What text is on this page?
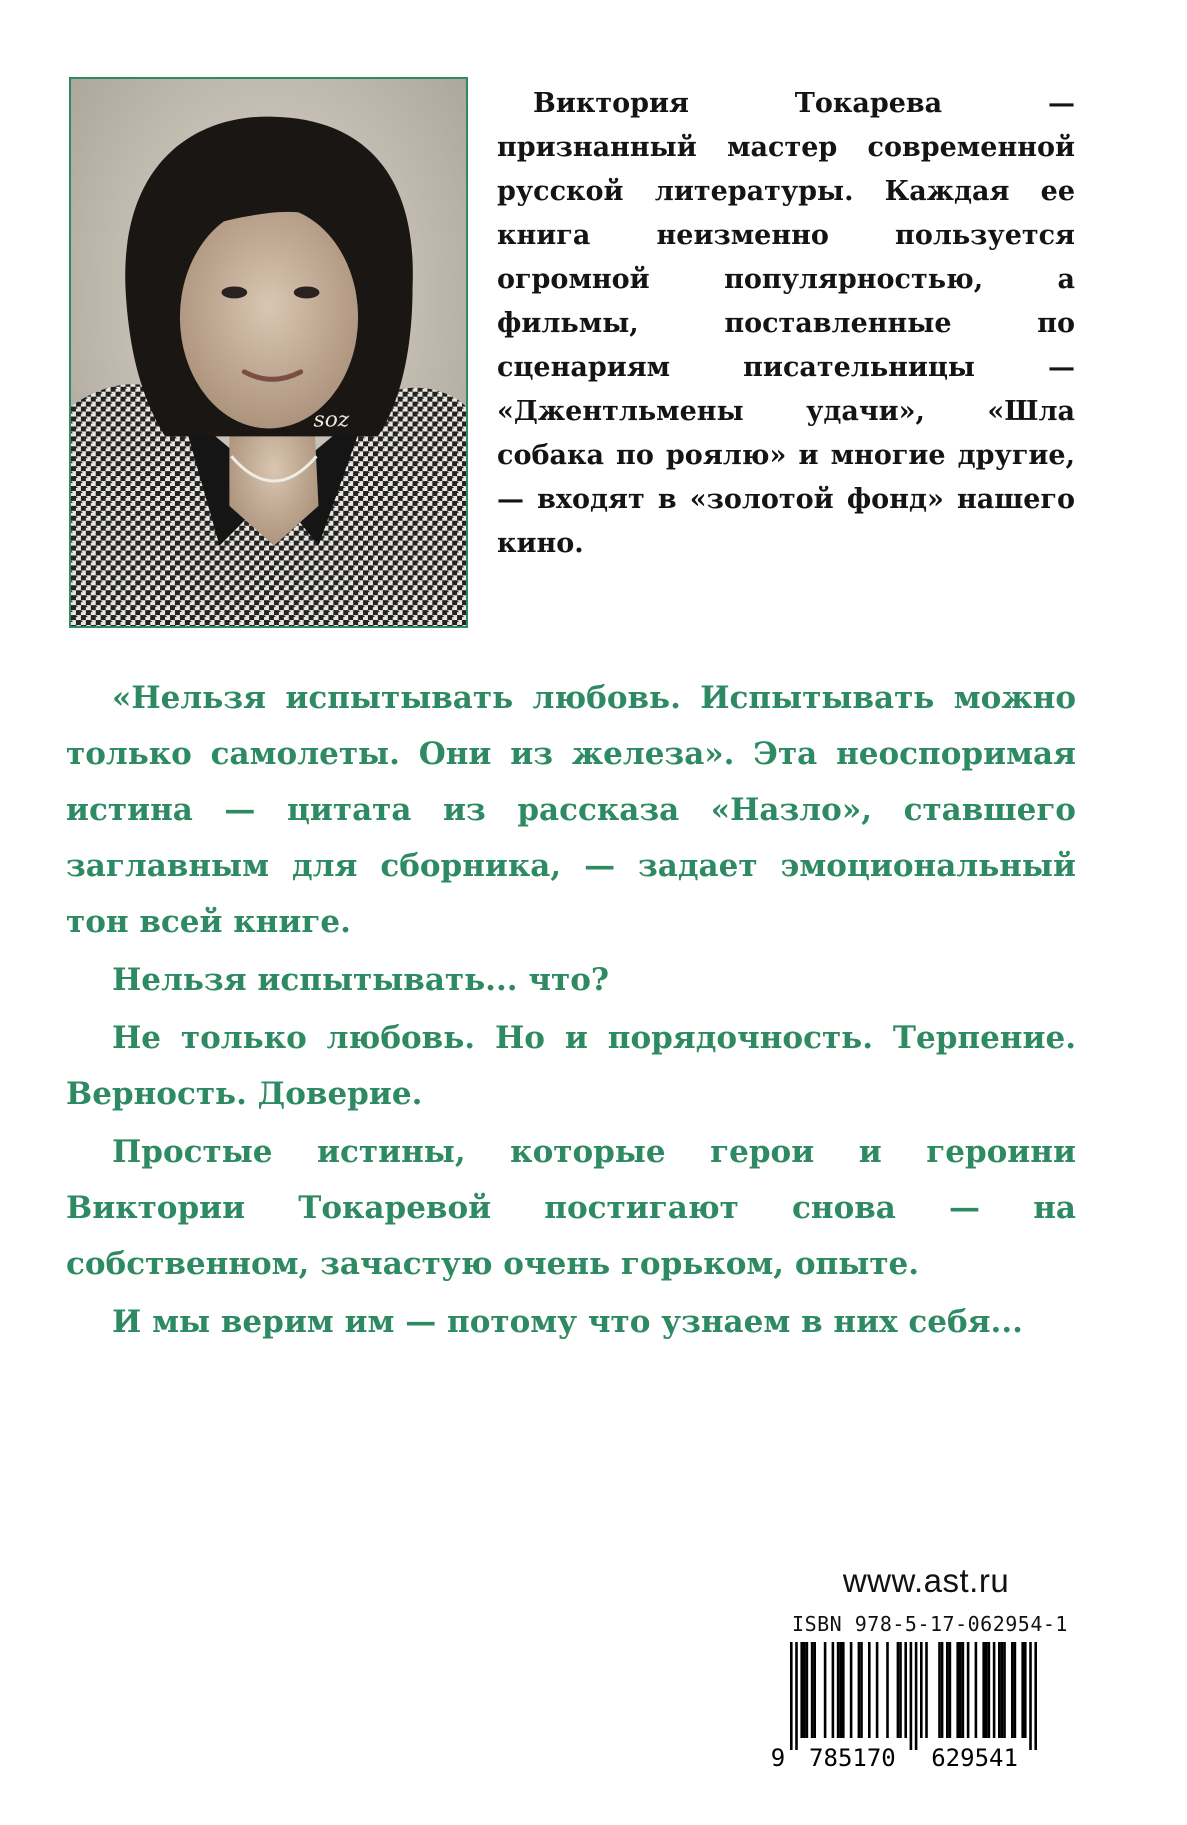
soz

Виктория Токарева — признанный мастер современной русской литературы. Каждая ее книга неизменно пользуется огромной популярностью, а фильмы, поставленные по сценариям писательницы — «Джентльмены удачи», «Шла собака по роялю» и многие другие, — входят в «золотой фонд» нашего кино.

«Нельзя испытывать любовь. Испытывать можно только самолеты. Они из железа». Эта неоспоримая истина — цитата из рассказа «Назло», ставшего заглавным для сборника, — задает эмоциональный тон всей книге.

Нельзя испытывать... что?

Не только любовь. Но и порядочность. Терпение. Верность. Доверие.

Простые истины, которые герои и героини Виктории Токаревой постигают снова — на собственном, зачастую очень горьком, опыте.

И мы верим им — потому что узнаем в них себя...

www.ast.ru
ISBN 978-5-17-062954-1
9 785170 629541
